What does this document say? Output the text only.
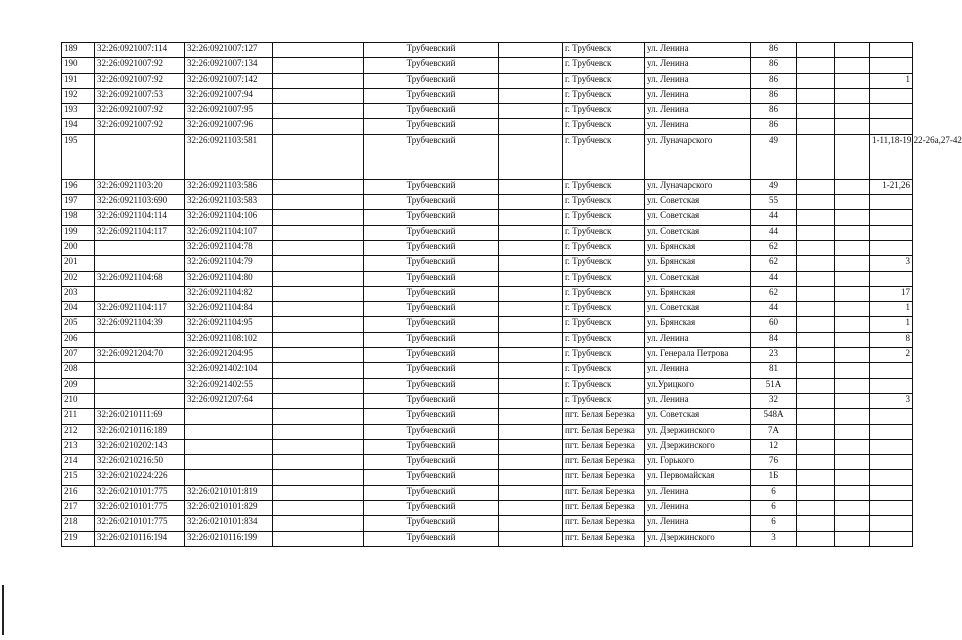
189	32:26:0921007:114	32:26:0921007:127		Трубчевский		г. Трубчевск	ул. Ленина	86			
190	32:26:0921007:92	32:26:0921007:134		Трубчевский		г. Трубчевск	ул. Ленина	86			
191	32:26:0921007:92	32:26:0921007:142		Трубчевский		г. Трубчевск	ул. Ленина	86			1
192	32:26:0921007:53	32:26:0921007:94		Трубчевский		г. Трубчевск	ул. Ленина	86			
193	32:26:0921007:92	32:26:0921007:95		Трубчевский		г. Трубчевск	ул. Ленина	86			
194	32:26:0921007:92	32:26:0921007:96		Трубчевский		г. Трубчевск	ул. Ленина	86			
195		32:26:0921103:581		Трубчевский		г. Трубчевск	ул. Луначарского	49			1-11,18-19,22-26а,27-42
196	32:26:0921103:20	32:26:0921103:586		Трубчевский		г. Трубчевск	ул. Луначарского	49			1-21,26
197	32:26:0921103:690	32:26:0921103:583		Трубчевский		г. Трубчевск	ул. Советская	55			
198	32:26:0921104:114	32:26:0921104:106		Трубчевский		г. Трубчевск	ул. Советская	44			
199	32:26:0921104:117	32:26:0921104:107		Трубчевский		г. Трубчевск	ул. Советская	44			
200		32:26:0921104:78		Трубчевский		г. Трубчевск	ул. Брянская	62			
201		32:26:0921104:79		Трубчевский		г. Трубчевск	ул. Брянская	62			3
202	32:26:0921104:68	32:26:0921104:80		Трубчевский		г. Трубчевск	ул. Советская	44			
203		32:26:0921104:82		Трубчевский		г. Трубчевск	ул. Брянская	62			17
204	32:26:0921104:117	32:26:0921104:84		Трубчевский		г. Трубчевск	ул. Советская	44			1
205	32:26:0921104:39	32:26:0921104:95		Трубчевский		г. Трубчевск	ул. Брянская	60			1
206		32:26:0921108:102		Трубчевский		г. Трубчевск	ул. Ленина	84			8
207	32:26:0921204:70	32:26:0921204:95		Трубчевский		г. Трубчевск	ул. Генерала Петрова	23			2
208		32:26:0921402:104		Трубчевский		г. Трубчевск	ул. Ленина	81			
209		32:26:0921402:55		Трубчевский		г. Трубчевск	ул.Урицкого	51А			
210		32:26:0921207:64		Трубчевский		г. Трубчевск	ул. Ленина	32			3
211	32:26:0210111:69			Трубчевский		пгт. Белая Березка	ул. Советская	548А			
212	32:26:0210116:189			Трубчевский		пгт. Белая Березка	ул. Дзержинского	7А			
213	32:26:0210202:143			Трубчевский		пгт. Белая Березка	ул. Дзержинского	12			
214	32:26:0210216:50			Трубчевский		пгт. Белая Березка	ул. Горького	76			
215	32:26:0210224:226			Трубчевский		пгт. Белая Березка	ул. Первомайская	1Б			
216	32:26:0210101:775	32:26:0210101:819		Трубчевский		пгт. Белая Березка	ул. Ленина	6			
217	32:26:0210101:775	32:26:0210101:829		Трубчевский		пгт. Белая Березка	ул. Ленина	6			
218	32:26:0210101:775	32:26:0210101:834		Трубчевский		пгт. Белая Березка	ул. Ленина	6			
219	32:26:0210116:194	32:26:0210116:199		Трубчевский		пгт. Белая Березка	ул. Дзержинского	3			
